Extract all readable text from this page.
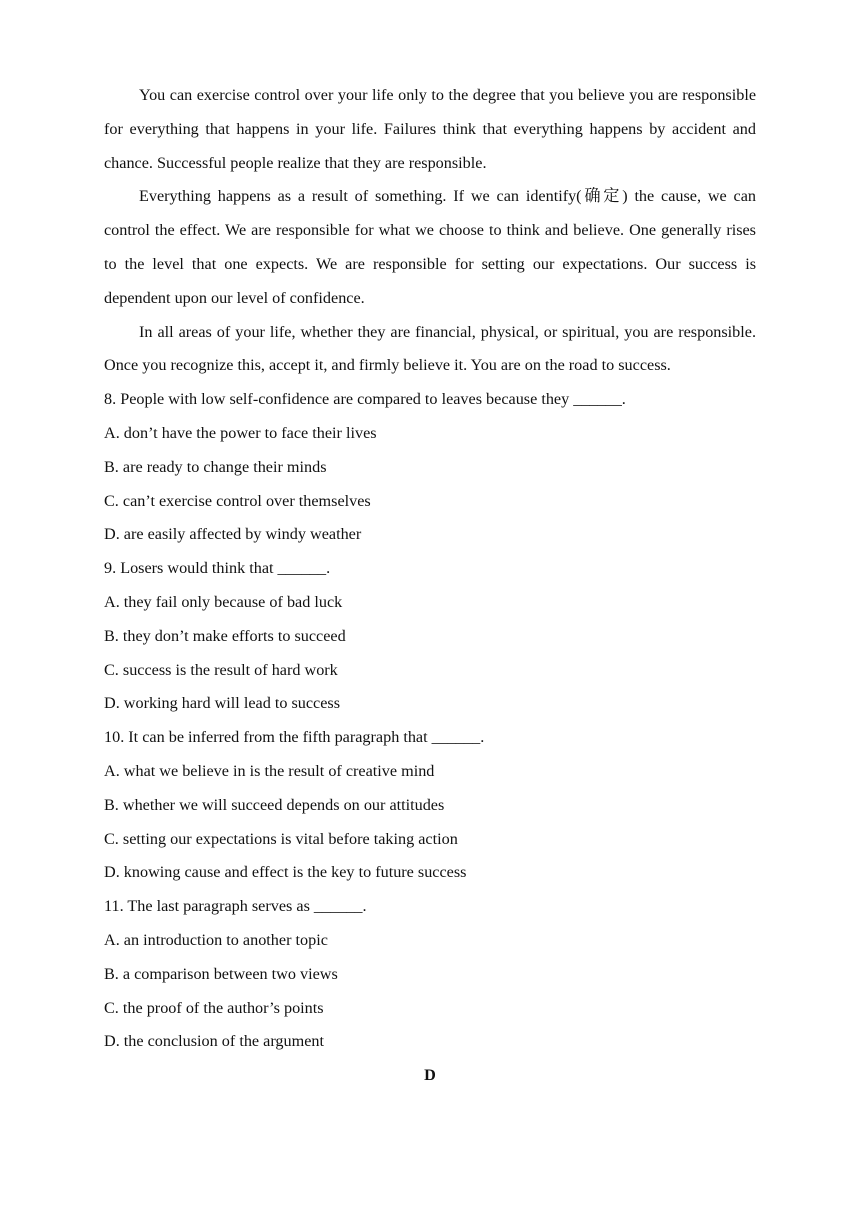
You can exercise control over your life only to the degree that you believe you are responsible for everything that happens in your life. Failures think that everything happens by accident and chance. Successful people realize that they are responsible.

Everything happens as a result of something. If we can identify(确定) the cause, we can control the effect. We are responsible for what we choose to think and believe. One generally rises to the level that one expects. We are responsible for setting our expectations. Our success is dependent upon our level of confidence.

In all areas of your life, whether they are financial, physical, or spiritual, you are responsible. Once you recognize this, accept it, and firmly believe it. You are on the road to success.

8. People with low self-confidence are compared to leaves because they ______.

A. don’t have the power to face their lives

B. are ready to change their minds

C. can’t exercise control over themselves

D. are easily affected by windy weather

9. Losers would think that ______.

A. they fail only because of bad luck

B. they don’t make efforts to succeed

C. success is the result of hard work

D. working hard will lead to success

10. It can be inferred from the fifth paragraph that ______.

A. what we believe in is the result of creative mind

B. whether we will succeed depends on our attitudes

C. setting our expectations is vital before taking action

D. knowing cause and effect is the key to future success

11. The last paragraph serves as ______.

A. an introduction to another topic

B. a comparison between two views

C. the proof of the author’s points

D. the conclusion of the argument

D
